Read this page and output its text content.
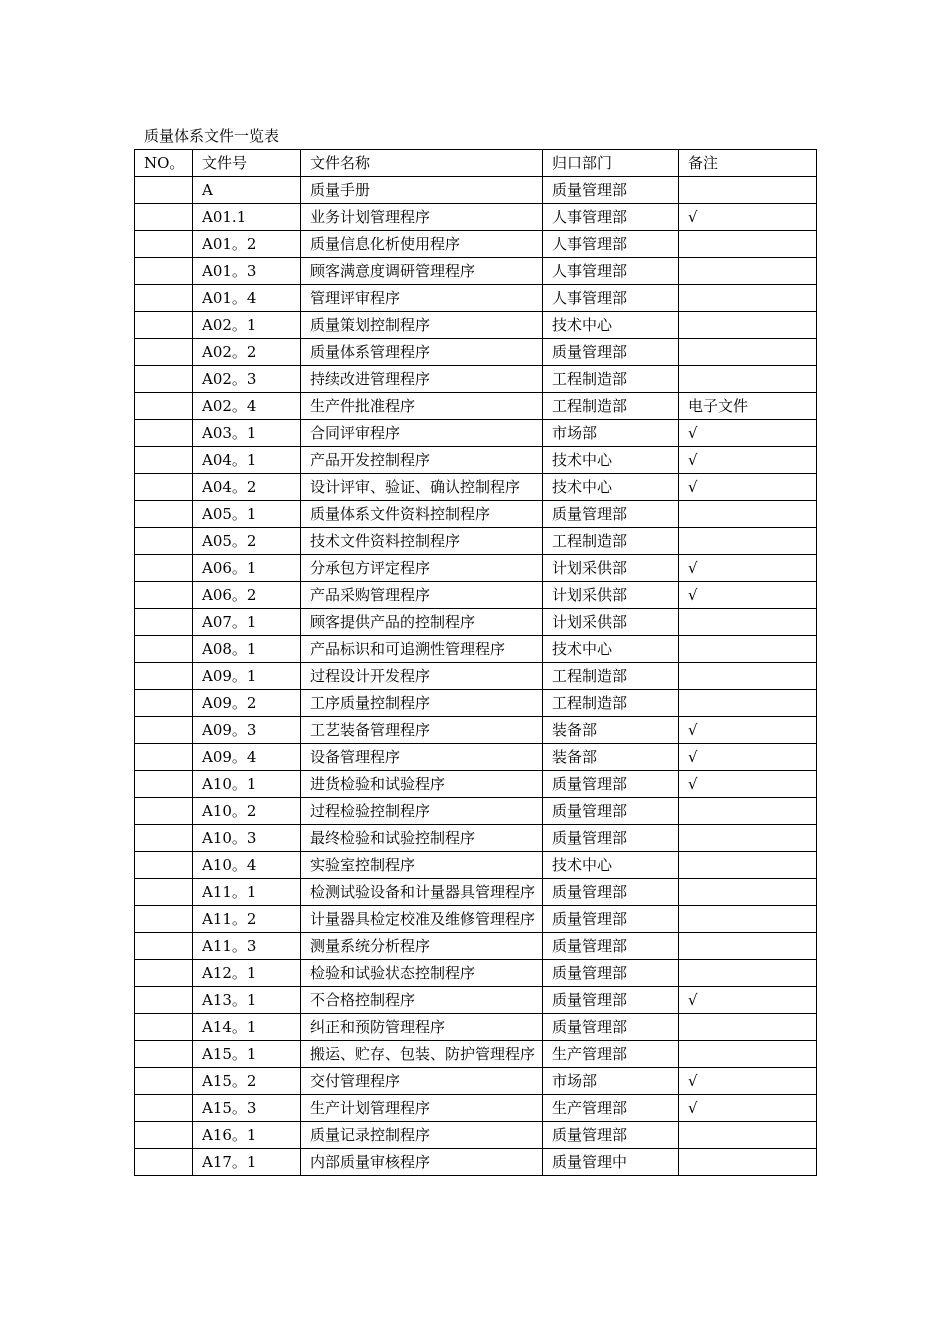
质量体系文件一览表
NO。	文件号	文件名称	归口部门	备注
	A	质量手册	质量管理部	
	A01.1	业务计划管理程序	人事管理部	√
	A01。2	质量信息化析使用程序	人事管理部	
	A01。3	顾客满意度调研管理程序	人事管理部	
	A01。4	管理评审程序	人事管理部	
	A02。1	质量策划控制程序	技术中心	
	A02。2	质量体系管理程序	质量管理部	
	A02。3	持续改进管理程序	工程制造部	
	A02。4	生产件批准程序	工程制造部	电子文件
	A03。1	合同评审程序	市场部	√
	A04。1	产品开发控制程序	技术中心	√
	A04。2	设计评审、验证、确认控制程序	技术中心	√
	A05。1	质量体系文件资料控制程序	质量管理部	
	A05。2	技术文件资料控制程序	工程制造部	
	A06。1	分承包方评定程序	计划采供部	√
	A06。2	产品采购管理程序	计划采供部	√
	A07。1	顾客提供产品的控制程序	计划采供部	
	A08。1	产品标识和可追溯性管理程序	技术中心	
	A09。1	过程设计开发程序	工程制造部	
	A09。2	工序质量控制程序	工程制造部	
	A09。3	工艺装备管理程序	装备部	√
	A09。4	设备管理程序	装备部	√
	A10。1	进货检验和试验程序	质量管理部	√
	A10。2	过程检验控制程序	质量管理部	
	A10。3	最终检验和试验控制程序	质量管理部	
	A10。4	实验室控制程序	技术中心	
	A11。1	检测试验设备和计量器具管理程序	质量管理部	
	A11。2	计量器具检定校准及维修管理程序	质量管理部	
	A11。3	测量系统分析程序	质量管理部	
	A12。1	检验和试验状态控制程序	质量管理部	
	A13。1	不合格控制程序	质量管理部	√
	A14。1	纠正和预防管理程序	质量管理部	
	A15。1	搬运、贮存、包装、防护管理程序	生产管理部	
	A15。2	交付管理程序	市场部	√
	A15。3	生产计划管理程序	生产管理部	√
	A16。1	质量记录控制程序	质量管理部	
	A17。1	内部质量审核程序	质量管理中	
